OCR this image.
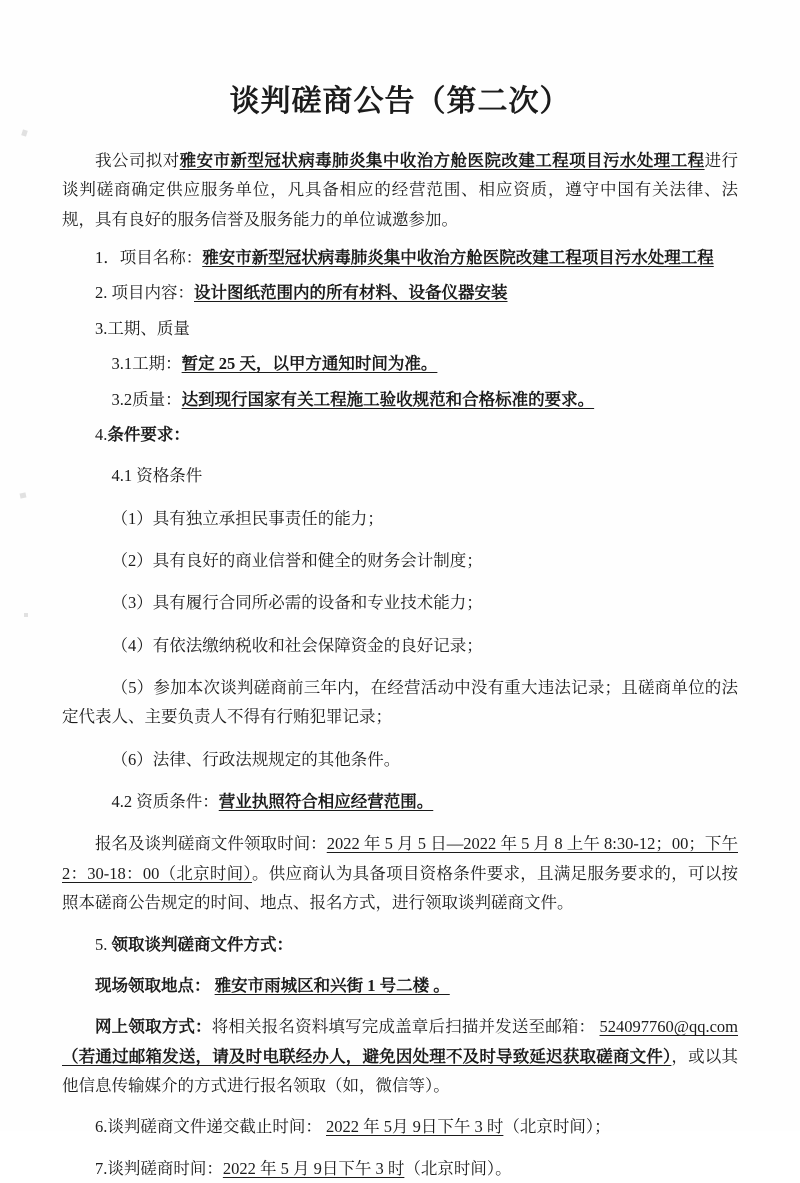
谈判磋商公告（第二次）

我公司拟对雅安市新型冠状病毒肺炎集中收治方舱医院改建工程项目污水处理工程进行谈判磋商确定供应服务单位，凡具备相应的经营范围、相应资质，遵守中国有关法律、法规，具有良好的服务信誉及服务能力的单位诚邀参加。

1．项目名称：雅安市新型冠状病毒肺炎集中收治方舱医院改建工程项目污水处理工程

2. 项目内容：设计图纸范围内的所有材料、设备仪器安装

3.工期、质量

3.1工期：暂定 25 天，以甲方通知时间为准。

3.2质量：达到现行国家有关工程施工验收规范和合格标准的要求。

4.条件要求：

4.1 资格条件

（1）具有独立承担民事责任的能力；

（2）具有良好的商业信誉和健全的财务会计制度；

（3）具有履行合同所必需的设备和专业技术能力；

（4）有依法缴纳税收和社会保障资金的良好记录；

（5）参加本次谈判磋商前三年内，在经营活动中没有重大违法记录；且磋商单位的法定代表人、主要负责人不得有行贿犯罪记录；

（6）法律、行政法规规定的其他条件。

4.2 资质条件：营业执照符合相应经营范围。

报名及谈判磋商文件领取时间：2022 年 5 月 5 日—2022 年 5 月 8 上午 8:30-12；00；下午 2：30-18：00（北京时间）。供应商认为具备项目资格条件要求，且满足服务要求的，可以按照本磋商公告规定的时间、地点、报名方式，进行领取谈判磋商文件。

5. 领取谈判磋商文件方式：

现场领取地点： 雅安市雨城区和兴街 1 号二楼 。

网上领取方式：将相关报名资料填写完成盖章后扫描并发送至邮箱： 524097760@qq.com（若通过邮箱发送，请及时电联经办人，避免因处理不及时导致延迟获取磋商文件），或以其他信息传输媒介的方式进行报名领取（如，微信等）。

6.谈判磋商文件递交截止时间： 2022 年 5月 9日下午 3 时（北京时间）；

7.谈判磋商时间：2022 年 5 月 9日下午 3 时（北京时间）。
